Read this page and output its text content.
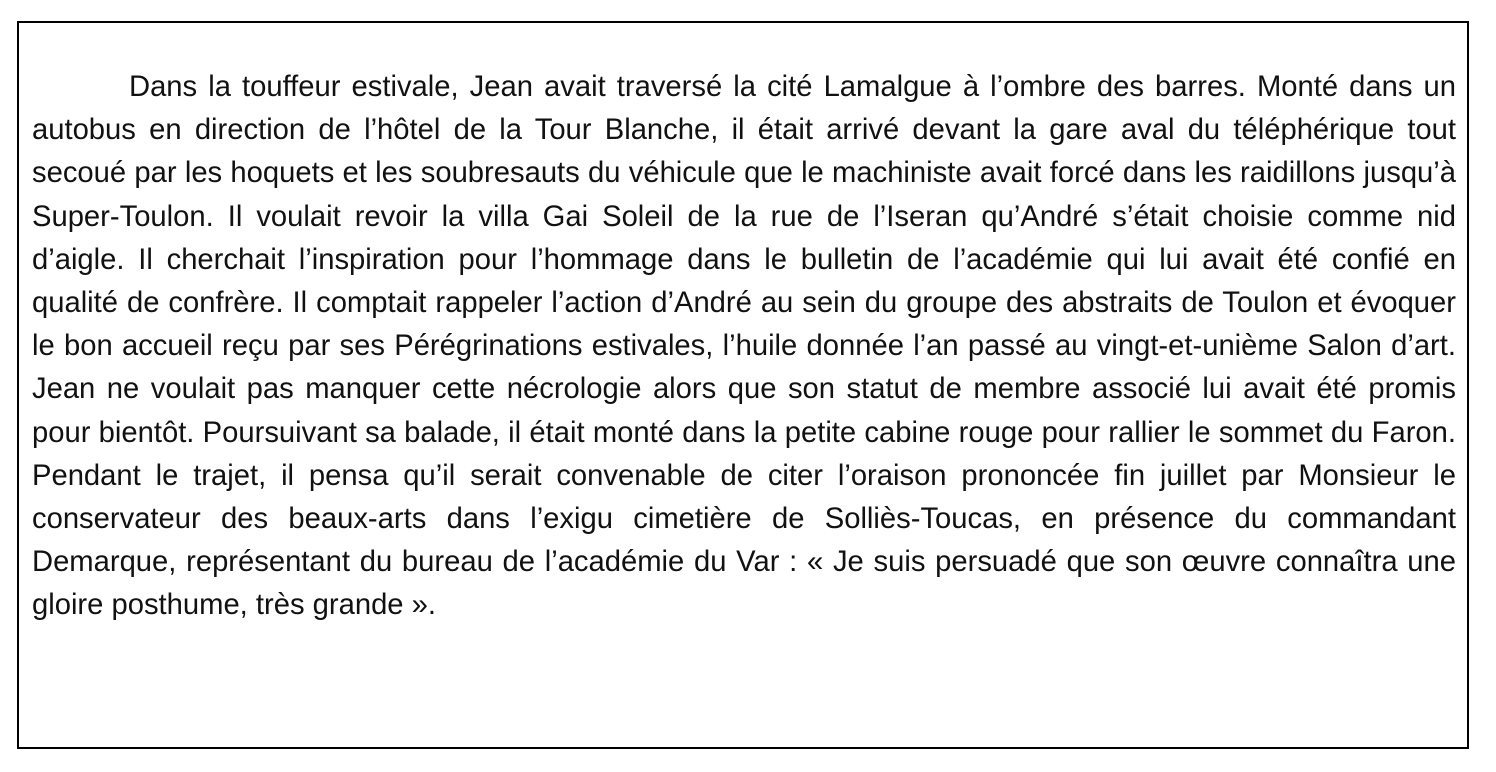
Dans la touffeur estivale, Jean avait traversé la cité Lamalgue à l’ombre des barres. Monté dans un autobus en direction de l’hôtel de la Tour Blanche, il était arrivé devant la gare aval du téléphérique tout secoué par les hoquets et les soubresauts du véhicule que le machiniste avait forcé dans les raidillons jusqu’à Super-Toulon. Il voulait revoir la villa Gai Soleil de la rue de l’Iseran qu’André s’était choisie comme nid d’aigle. Il cherchait l’inspiration pour l’hommage dans le bulletin de l’académie qui lui avait été confié en qualité de confrère. Il comptait rappeler l’action d’André au sein du groupe des abstraits de Toulon et évoquer le bon accueil reçu par ses Pérégrinations estivales, l’huile donnée l’an passé au vingt-et-unième Salon d’art. Jean ne voulait pas manquer cette nécrologie alors que son statut de membre associé lui avait été promis pour bientôt. Poursuivant sa balade, il était monté dans la petite cabine rouge pour rallier le sommet du Faron. Pendant le trajet, il pensa qu’il serait convenable de citer l’oraison prononcée fin juillet par Monsieur le conservateur des beaux-arts dans l’exigu cimetière de Solliès-Toucas, en présence du commandant Demarque, représentant du bureau de l’académie du Var : « Je suis persuadé que son œuvre connaîtra une gloire posthume, très grande ».
